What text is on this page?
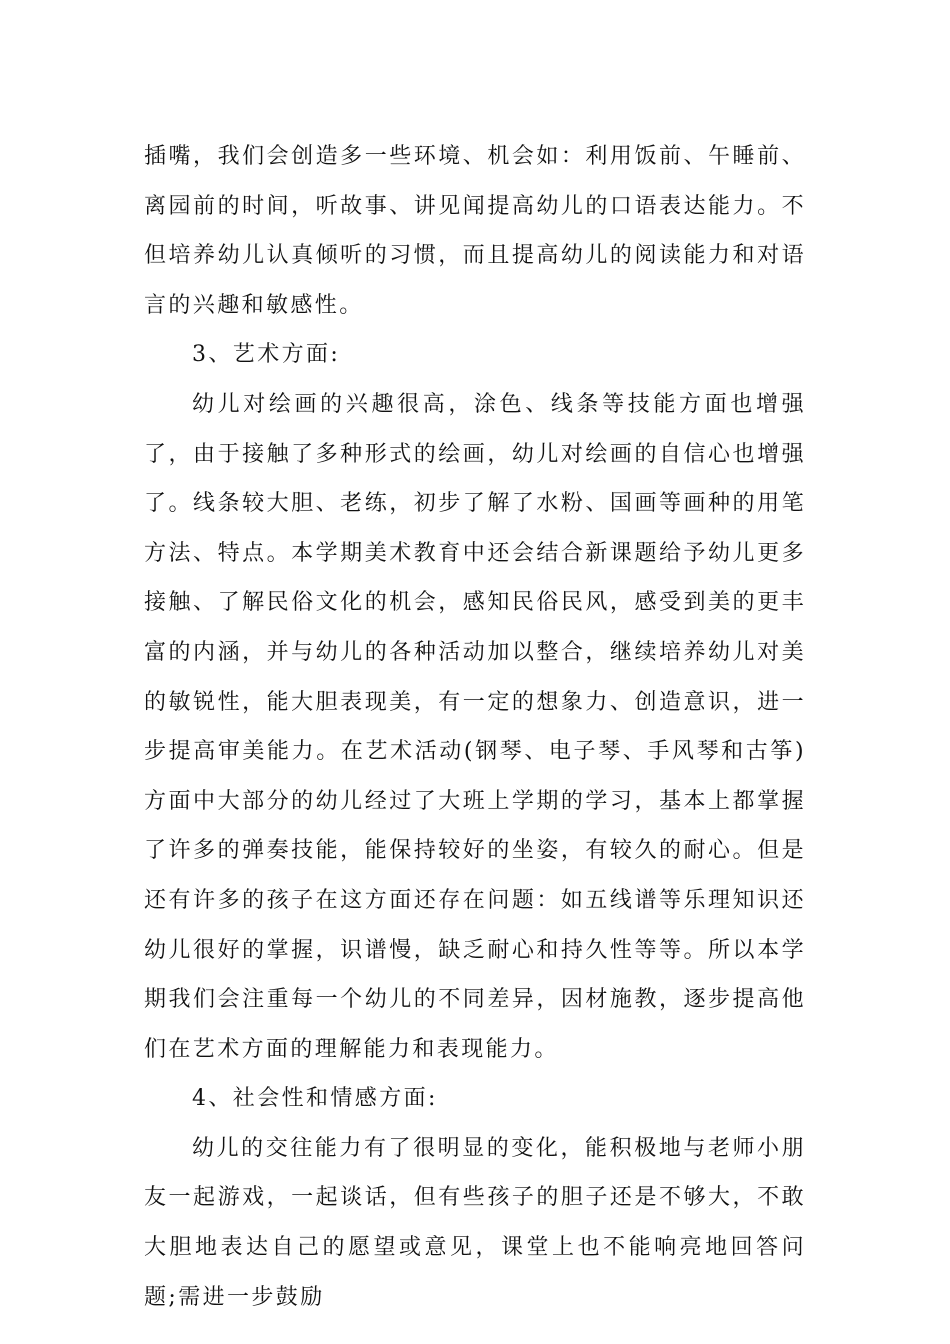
插嘴，我们会创造多一些环境、机会如：利用饭前、午睡前、离园前的时间，听故事、讲见闻提高幼儿的口语表达能力。不但培养幼儿认真倾听的习惯，而且提高幼儿的阅读能力和对语言的兴趣和敏感性。

3、艺术方面:

幼儿对绘画的兴趣很高，涂色、线条等技能方面也增强了，由于接触了多种形式的绘画，幼儿对绘画的自信心也增强了。线条较大胆、老练，初步了解了水粉、国画等画种的用笔方法、特点。本学期美术教育中还会结合新课题给予幼儿更多接触、了解民俗文化的机会，感知民俗民风，感受到美的更丰富的内涵，并与幼儿的各种活动加以整合，继续培养幼儿对美的敏锐性，能大胆表现美，有一定的想象力、创造意识，进一步提高审美能力。在艺术活动(钢琴、电子琴、手风琴和古筝)方面中大部分的幼儿经过了大班上学期的学习，基本上都掌握了许多的弹奏技能，能保持较好的坐姿，有较久的耐心。但是还有许多的孩子在这方面还存在问题：如五线谱等乐理知识还幼儿很好的掌握，识谱慢，缺乏耐心和持久性等等。所以本学期我们会注重每一个幼儿的不同差异，因材施教，逐步提高他们在艺术方面的理解能力和表现能力。

4、社会性和情感方面:

幼儿的交往能力有了很明显的变化，能积极地与老师小朋友一起游戏，一起谈话，但有些孩子的胆子还是不够大，不敢大胆地表达自己的愿望或意见，课堂上也不能响亮地回答问题;需进一步鼓励
